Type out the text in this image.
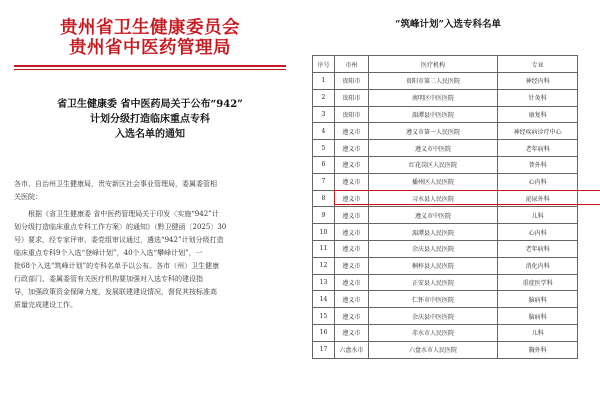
贵州省卫生健康委员会
贵州省中医药管理局
省卫生健康委 省中医药局关于公布“942”
计划分级打造临床重点专科
入选名单的通知
各市、自治州卫生健康局，贵安新区社会事业管理局，委属委管相
关医院：
根据《省卫生健康委 省中医药管理局关于印发〈实施“942”计
划分级打造临床重点专科工作方案〉的通知》（黔卫健函〔2025〕30
号）要求，经专家评审、委党组审议通过，遴选“942”计划分级打造
临床重点专科9个入选“登峰计划”，40个入选“攀峰计划”，一
批68个入选“筑峰计划”的专科名单予以公布。各市（州）卫生健康
行政部门、委属委管有关医疗机构要加强对入选专科的建设指
导，加强政策资金保障力度，发展联建建设情况，督促其按标准高
质量完成建设工作。
“筑峰计划”入选专科名单
序号	市州	医疗机构	专业
1	贵阳市	贵阳市第二人民医院	神经内科
2	贵阳市	南明区中医医院	针灸科
3	贵阳市	湄潭县中医医院	康复科
4	遵义市	遵义市第一人民医院	神经疾病诊疗中心
5	遵义市	遵义市中医院	老年病科
6	遵义市	红花岗区人民医院	普外科
7	遵义市	播州区人民医院	心内科
8	遵义市	习水县人民医院	泌尿外科
9	遵义市	遵义市中医院	儿科
10	遵义市	湄潭县人民医院	心内科
11	遵义市	余庆县人民医院	老年病科
12	遵义市	桐梓县人民医院	消化内科
13	遵义市	正安县人民医院	重症医学科
14	遵义市	仁怀市中医医院	脑病科
15	遵义市	余庆县中医医院	脑病科
16	遵义市	赤水市人民医院	儿科
17	六盘水市	六盘水市人民医院	胸外科
